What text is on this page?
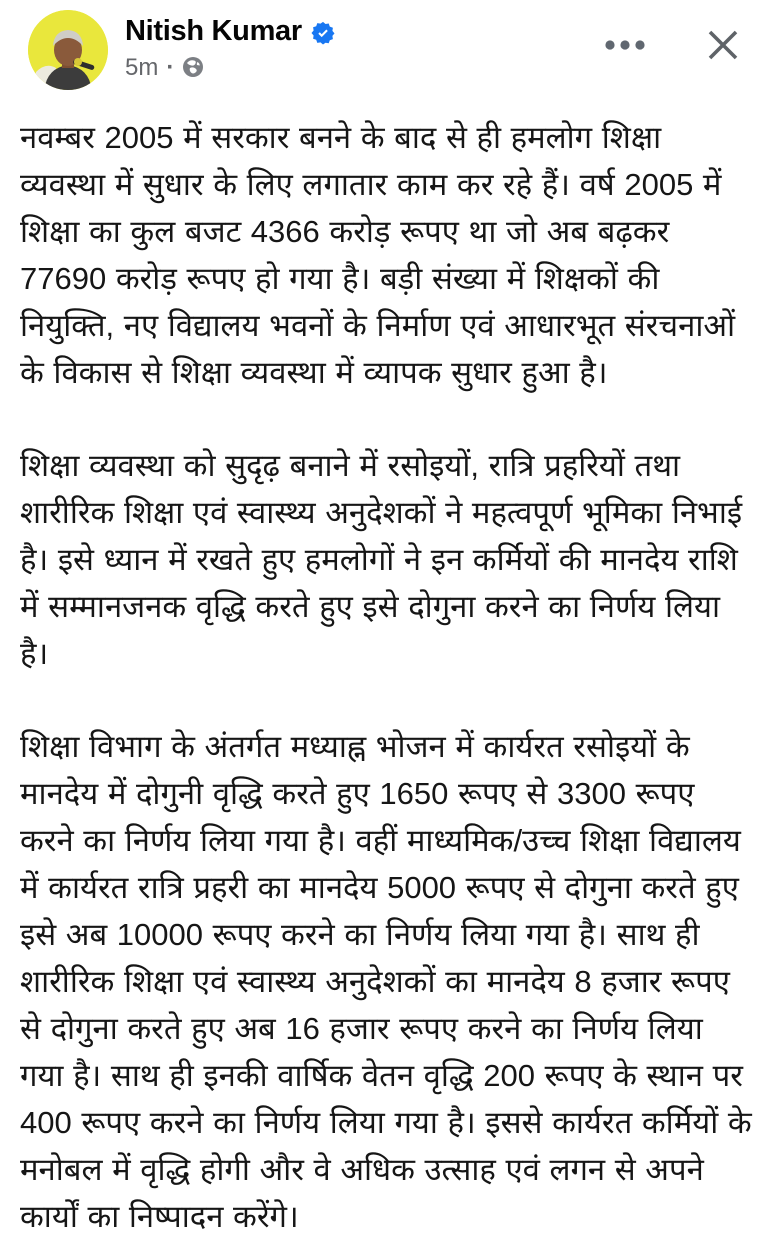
Nitish Kumar
5m ·

नवम्बर 2005 में सरकार बनने के बाद से ही हमलोग शिक्षा व्यवस्था में सुधार के लिए लगातार काम कर रहे हैं। वर्ष 2005 में शिक्षा का कुल बजट 4366 करोड़ रूपए था जो अब बढ़कर 77690 करोड़ रूपए हो गया है। बड़ी संख्या में शिक्षकों की नियुक्ति, नए विद्यालय भवनों के निर्माण एवं आधारभूत संरचनाओं के विकास से शिक्षा व्यवस्था में व्यापक सुधार हुआ है।

शिक्षा व्यवस्था को सुदृढ़ बनाने में रसोइयों, रात्रि प्रहरियों तथा शारीरिक शिक्षा एवं स्वास्थ्य अनुदेशकों ने महत्वपूर्ण भूमिका निभाई है। इसे ध्यान में रखते हुए हमलोगों ने इन कर्मियों की मानदेय राशि में सम्मानजनक वृद्धि करते हुए इसे दोगुना करने का निर्णय लिया है।

शिक्षा विभाग के अंतर्गत मध्याह्न भोजन में कार्यरत रसोइयों के मानदेय में दोगुनी वृद्धि करते हुए 1650 रूपए से 3300 रूपए करने का निर्णय लिया गया है। वहीं माध्यमिक/उच्च शिक्षा विद्यालय में कार्यरत रात्रि प्रहरी का मानदेय 5000 रूपए से दोगुना करते हुए इसे अब 10000 रूपए करने का निर्णय लिया गया है। साथ ही शारीरिक शिक्षा एवं स्वास्थ्य अनुदेशकों का मानदेय 8 हजार रूपए से दोगुना करते हुए अब 16 हजार रूपए करने का निर्णय लिया गया है। साथ ही इनकी वार्षिक वेतन वृद्धि 200 रूपए के स्थान पर 400 रूपए करने का निर्णय लिया गया है। इससे कार्यरत कर्मियों के मनोबल में वृद्धि होगी और वे अधिक उत्साह एवं लगन से अपने कार्यों का निष्पादन करेंगे।
